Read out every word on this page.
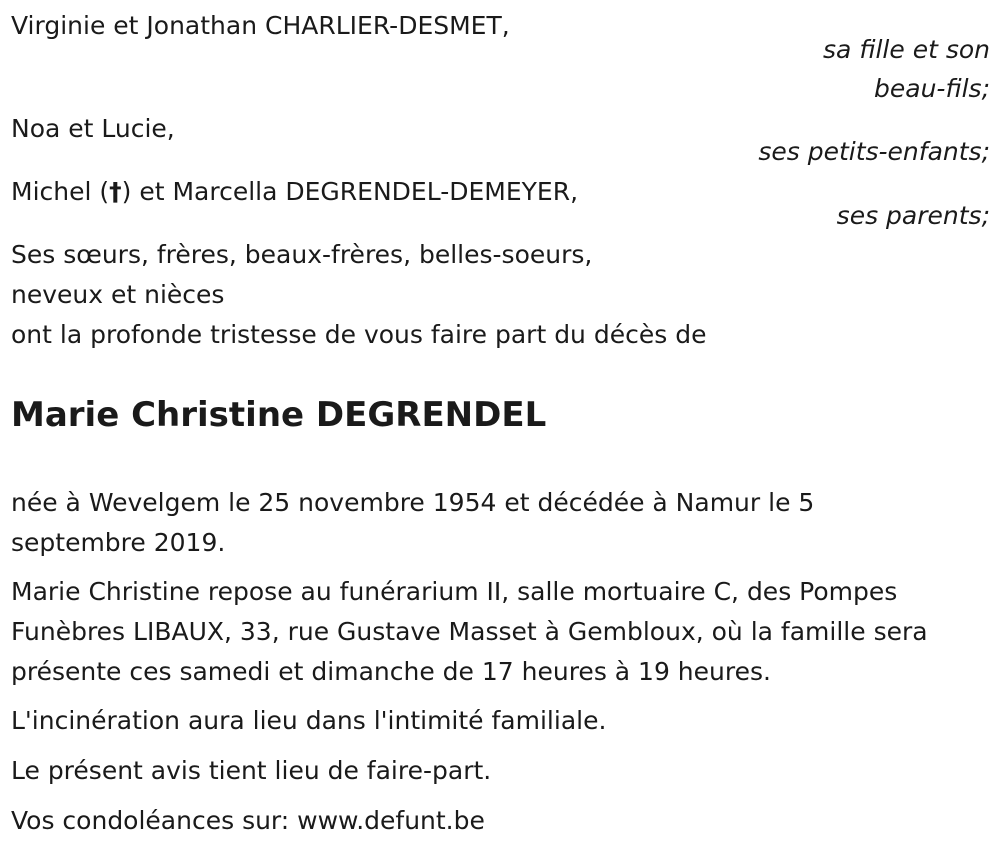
Virginie et Jonathan CHARLIER-DESMET,
sa fille et son
beau-fils;
Noa et Lucie,
ses petits-enfants;
Michel (†) et Marcella DEGRENDEL-DEMEYER,
ses parents;
Ses sœurs, frères, beaux-frères, belles-soeurs,
neveux et nièces
ont la profonde tristesse de vous faire part du décès de
Marie Christine DEGRENDEL
née à Wevelgem le 25 novembre 1954 et décédée à Namur le 5
septembre 2019.
Marie Christine repose au funérarium II, salle mortuaire C, des Pompes
Funèbres LIBAUX, 33, rue Gustave Masset à Gembloux, où la famille sera
présente ces samedi et dimanche de 17 heures à 19 heures.
L'incinération aura lieu dans l'intimité familiale.
Le présent avis tient lieu de faire-part.
Vos condoléances sur: www.defunt.be
